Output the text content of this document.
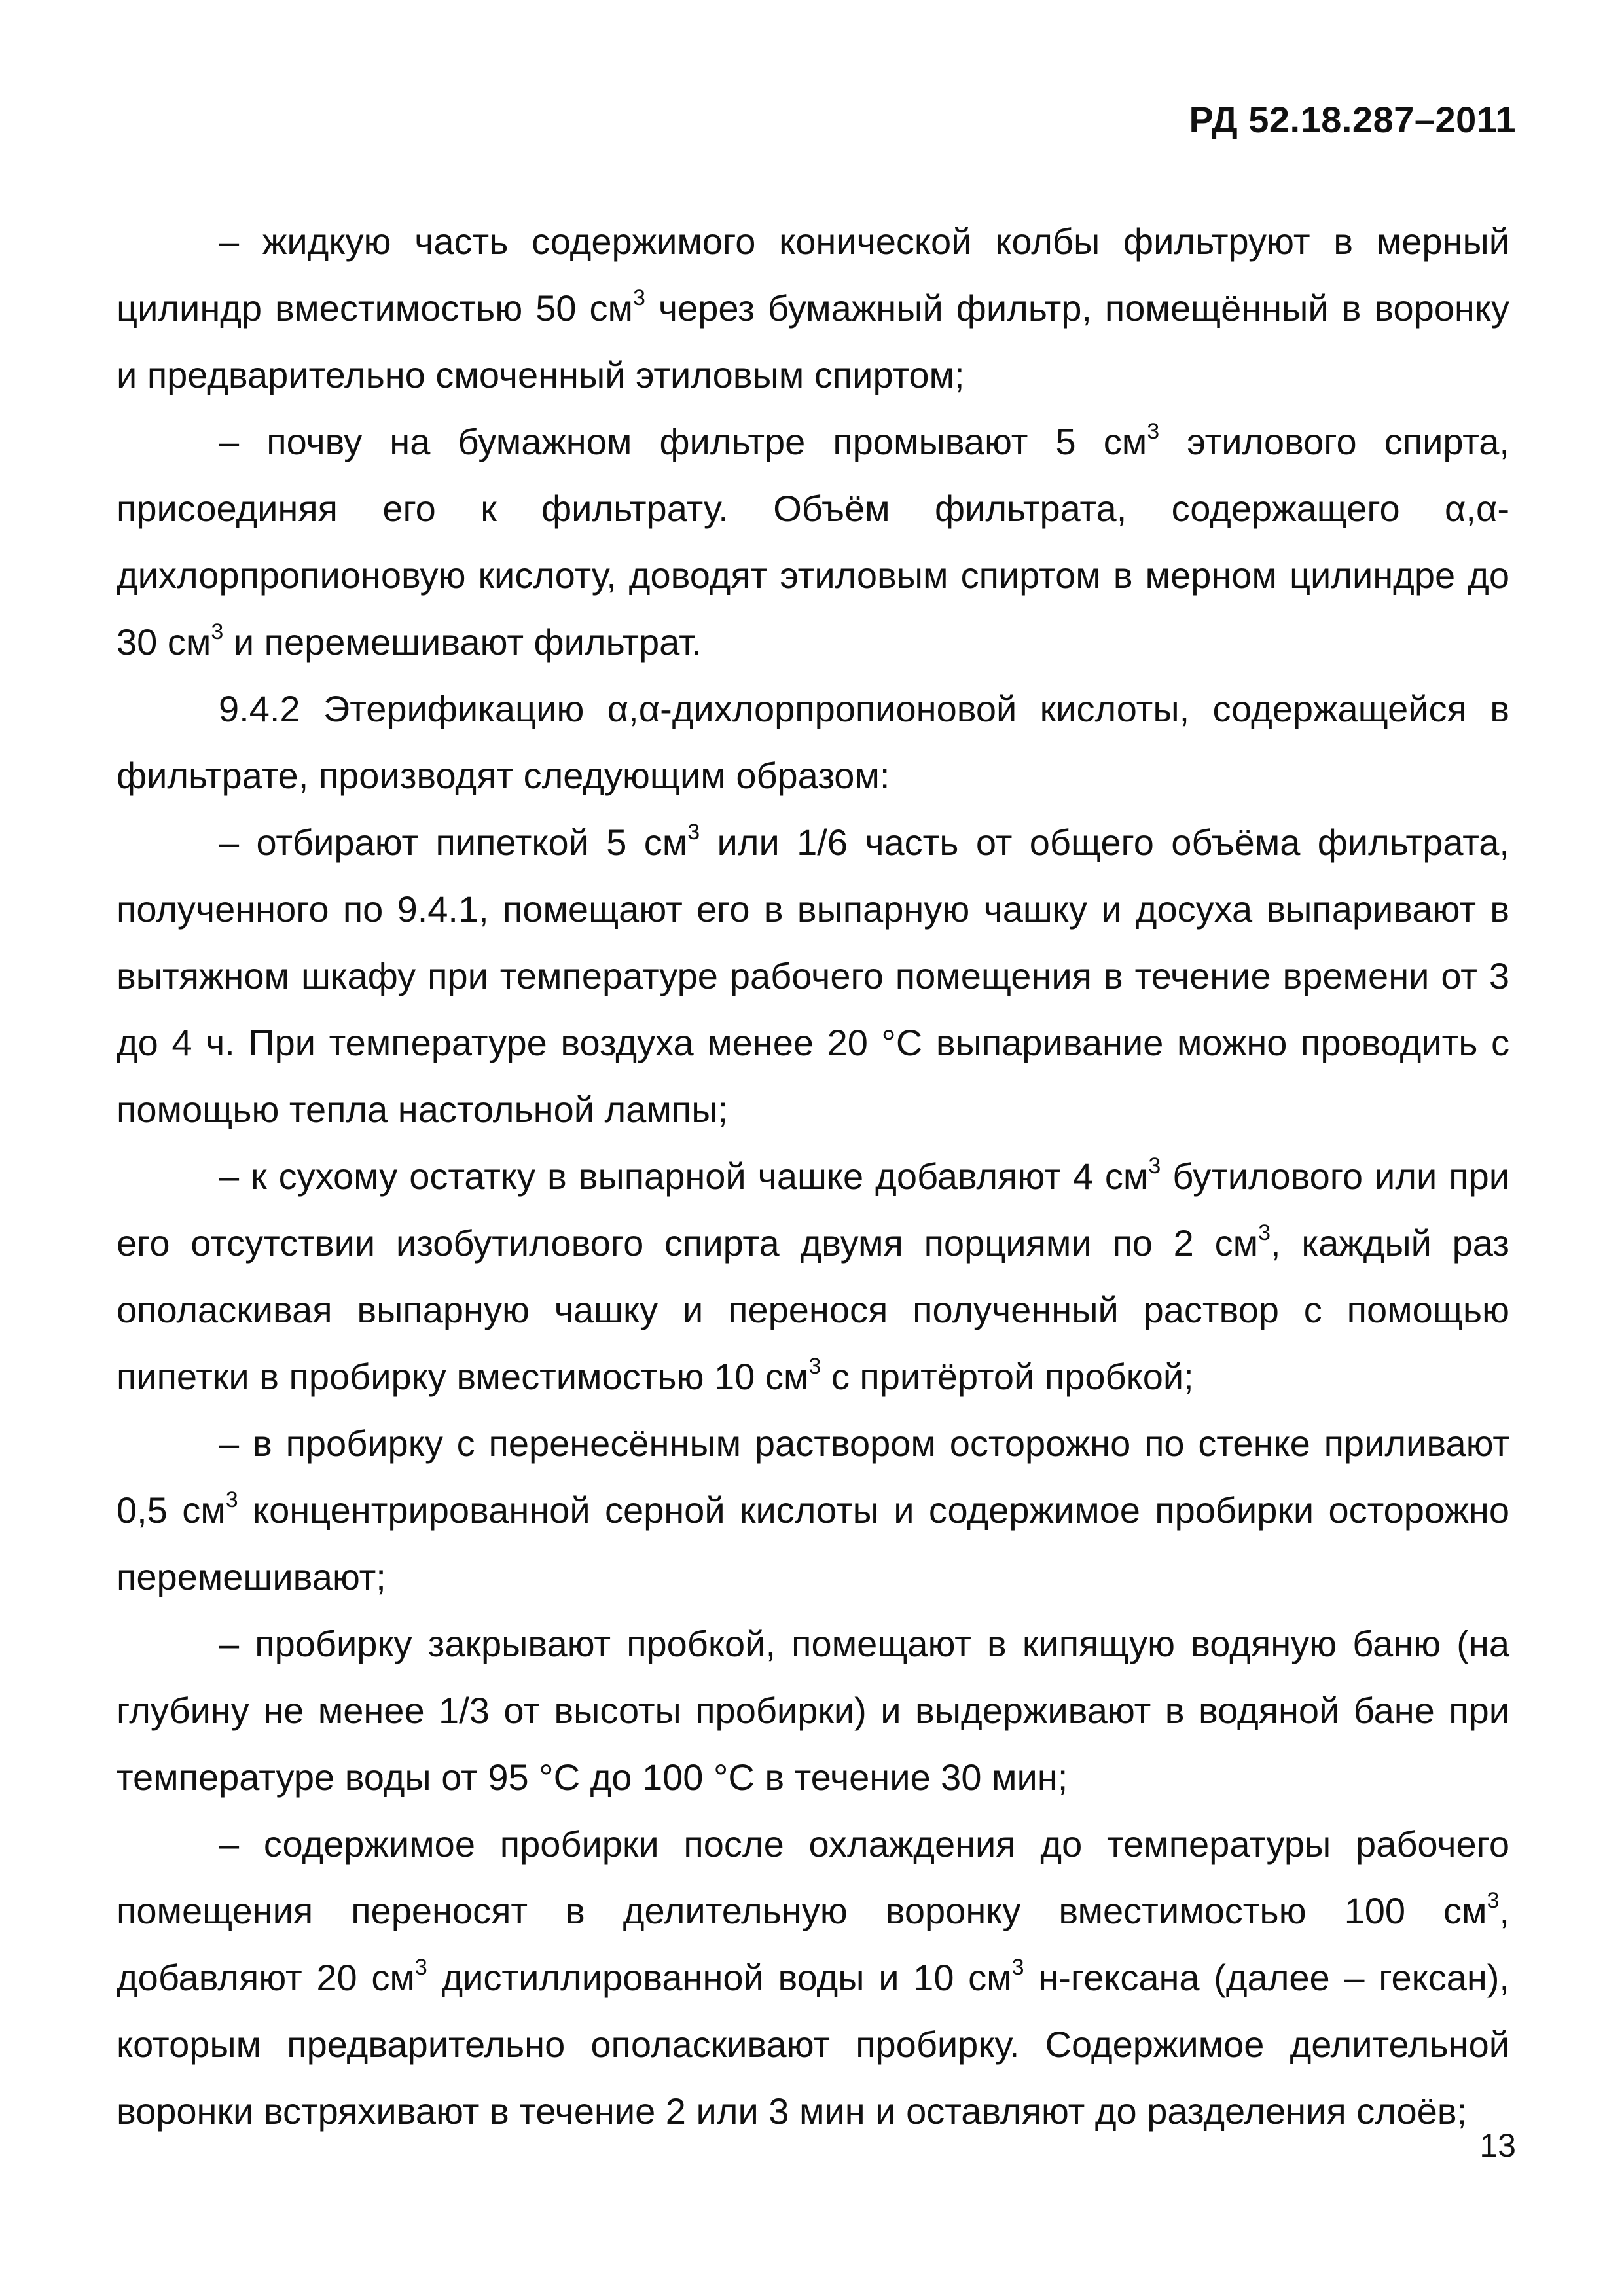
РД 52.18.287–2011

– жидкую часть содержимого конической колбы фильтруют в мерный цилиндр вместимостью 50 $см^3$ через бумажный фильтр, помещённый в воронку и предварительно смоченный этиловым спиртом;

– почву на бумажном фильтре промывают 5 $см^3$ этилового спирта, присоединяя его к фильтрату. Объём фильтрата, содержащего α,α-дихлорпропионовую кислоту, доводят этиловым спиртом в мерном цилиндре до 30 $см^3$ и перемешивают фильтрат.

9.4.2 Этерификацию α,α-дихлорпропионовой кислоты, содержащейся в фильтрате, производят следующим образом:

– отбирают пипеткой 5 $см^3$ или 1/6 часть от общего объёма фильтрата, полученного по 9.4.1, помещают его в выпарную чашку и досуха выпаривают в вытяжном шкафу при температуре рабочего помещения в течение времени от 3 до 4 ч. При температуре воздуха менее 20 °С выпаривание можно проводить с помощью тепла настольной лампы;

– к сухому остатку в выпарной чашке добавляют 4 $см^3$ бутилового или при его отсутствии изобутилового спирта двумя порциями по 2 $см^3$, каждый раз ополаскивая выпарную чашку и перенося полученный раствор с помощью пипетки в пробирку вместимостью 10 $см^3$ с притёртой пробкой;

– в пробирку с перенесённым раствором осторожно по стенке приливают 0,5 $см^3$ концентрированной серной кислоты и содержимое пробирки осторожно перемешивают;

– пробирку закрывают пробкой, помещают в кипящую водяную баню (на глубину не менее 1/3 от высоты пробирки) и выдерживают в водяной бане при температуре воды от 95 °С до 100 °С в течение 30 мин;

– содержимое пробирки после охлаждения до температуры рабочего помещения переносят в делительную воронку вместимостью 100 $см^3$, добавляют 20 $см^3$ дистиллированной воды и 10 $см^3$ н-гексана (далее – гексан), которым предварительно ополаскивают пробирку. Содержимое делительной воронки встряхивают в течение 2 или 3 мин и оставляют до разделения слоёв;

13
